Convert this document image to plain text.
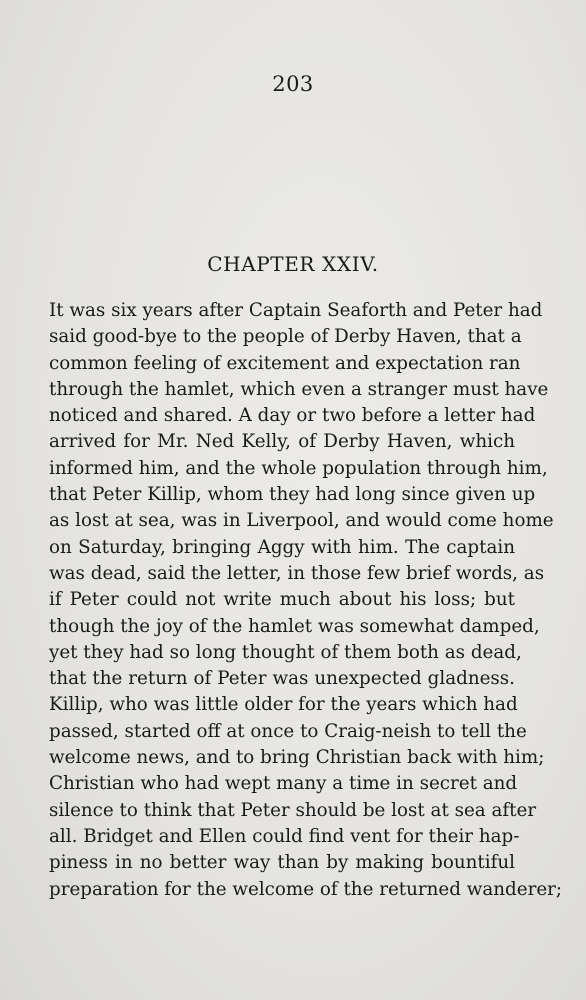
203
CHAPTER XXIV.
It was six years after Captain Seaforth and Peter had
said good-bye to the people of Derby Haven, that a
common feeling of excitement and expectation ran
through the hamlet, which even a stranger must have
noticed and shared. A day or two before a letter had
arrived for Mr. Ned Kelly, of Derby Haven, which
informed him, and the whole population through him,
that Peter Killip, whom they had long since given up
as lost at sea, was in Liverpool, and would come home
on Saturday, bringing Aggy with him. The captain
was dead, said the letter, in those few brief words, as
if Peter could not write much about his loss; but
though the joy of the hamlet was somewhat damped,
yet they had so long thought of them both as dead,
that the return of Peter was unexpected gladness.
Killip, who was little older for the years which had
passed, started off at once to Craig-neish to tell the
welcome news, and to bring Christian back with him;
Christian who had wept many a time in secret and
silence to think that Peter should be lost at sea after
all. Bridget and Ellen could find vent for their hap-
piness in no better way than by making bountiful
preparation for the welcome of the returned wanderer;
